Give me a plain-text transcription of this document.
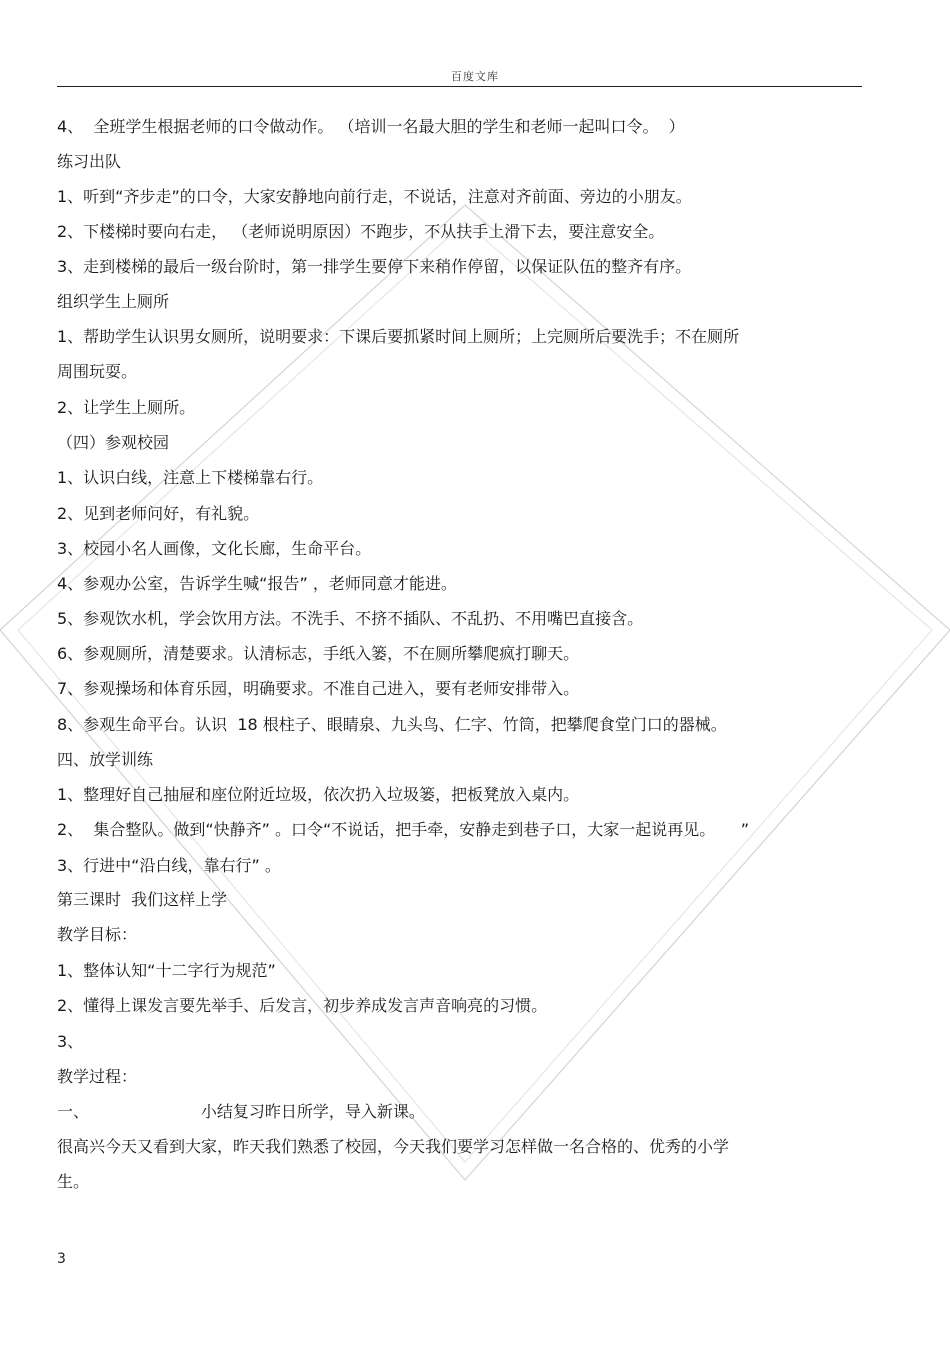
百度文库
4、  全班学生根据老师的口令做动作。 （培训一名最大胆的学生和老师一起叫口令。  ）
练习出队
1、听到“齐步走”的口令，大家安静地向前行走，不说话，注意对齐前面、旁边的小朋友。
2、下楼梯时要向右走， （老师说明原因）不跑步，不从扶手上滑下去，要注意安全。
3、走到楼梯的最后一级台阶时，第一排学生要停下来稍作停留，以保证队伍的整齐有序。
组织学生上厕所
1、帮助学生认识男女厕所，说明要求：下课后要抓紧时间上厕所；上完厕所后要洗手；不在厕所
周围玩耍。
2、让学生上厕所。
（四）参观校园
1、认识白线，注意上下楼梯靠右行。
2、见到老师问好，有礼貌。
3、校园小名人画像，文化长廊，生命平台。
4、参观办公室，告诉学生喊“报告” ，老师同意才能进。
5、参观饮水机，学会饮用方法。不洗手、不挤不插队、不乱扔、不用嘴巴直接含。
6、参观厕所，清楚要求。认清标志，手纸入篓，不在厕所攀爬疯打聊天。
7、参观操场和体育乐园，明确要求。不准自己进入，要有老师安排带入。
8、参观生命平台。认识  18 根柱子、眼睛泉、九头鸟、仁字、竹筒，把攀爬食堂门口的器械。
四、放学训练
1、整理好自己抽屉和座位附近垃圾，依次扔入垃圾篓，把板凳放入桌内。
2、  集合整队。做到“快静齐” 。口令“不说话，把手牵，安静走到巷子口，大家一起说再见。     ”
3、行进中“沿白线，靠右行” 。
第三课时  我们这样上学
教学目标：
1、整体认知“十二字行为规范”
2、懂得上课发言要先举手、后发言，初步养成发言声音响亮的习惯。
3、
教学过程：
一、                      小结复习昨日所学，导入新课。
很高兴今天又看到大家，昨天我们熟悉了校园，今天我们要学习怎样做一名合格的、优秀的小学
生。
3
